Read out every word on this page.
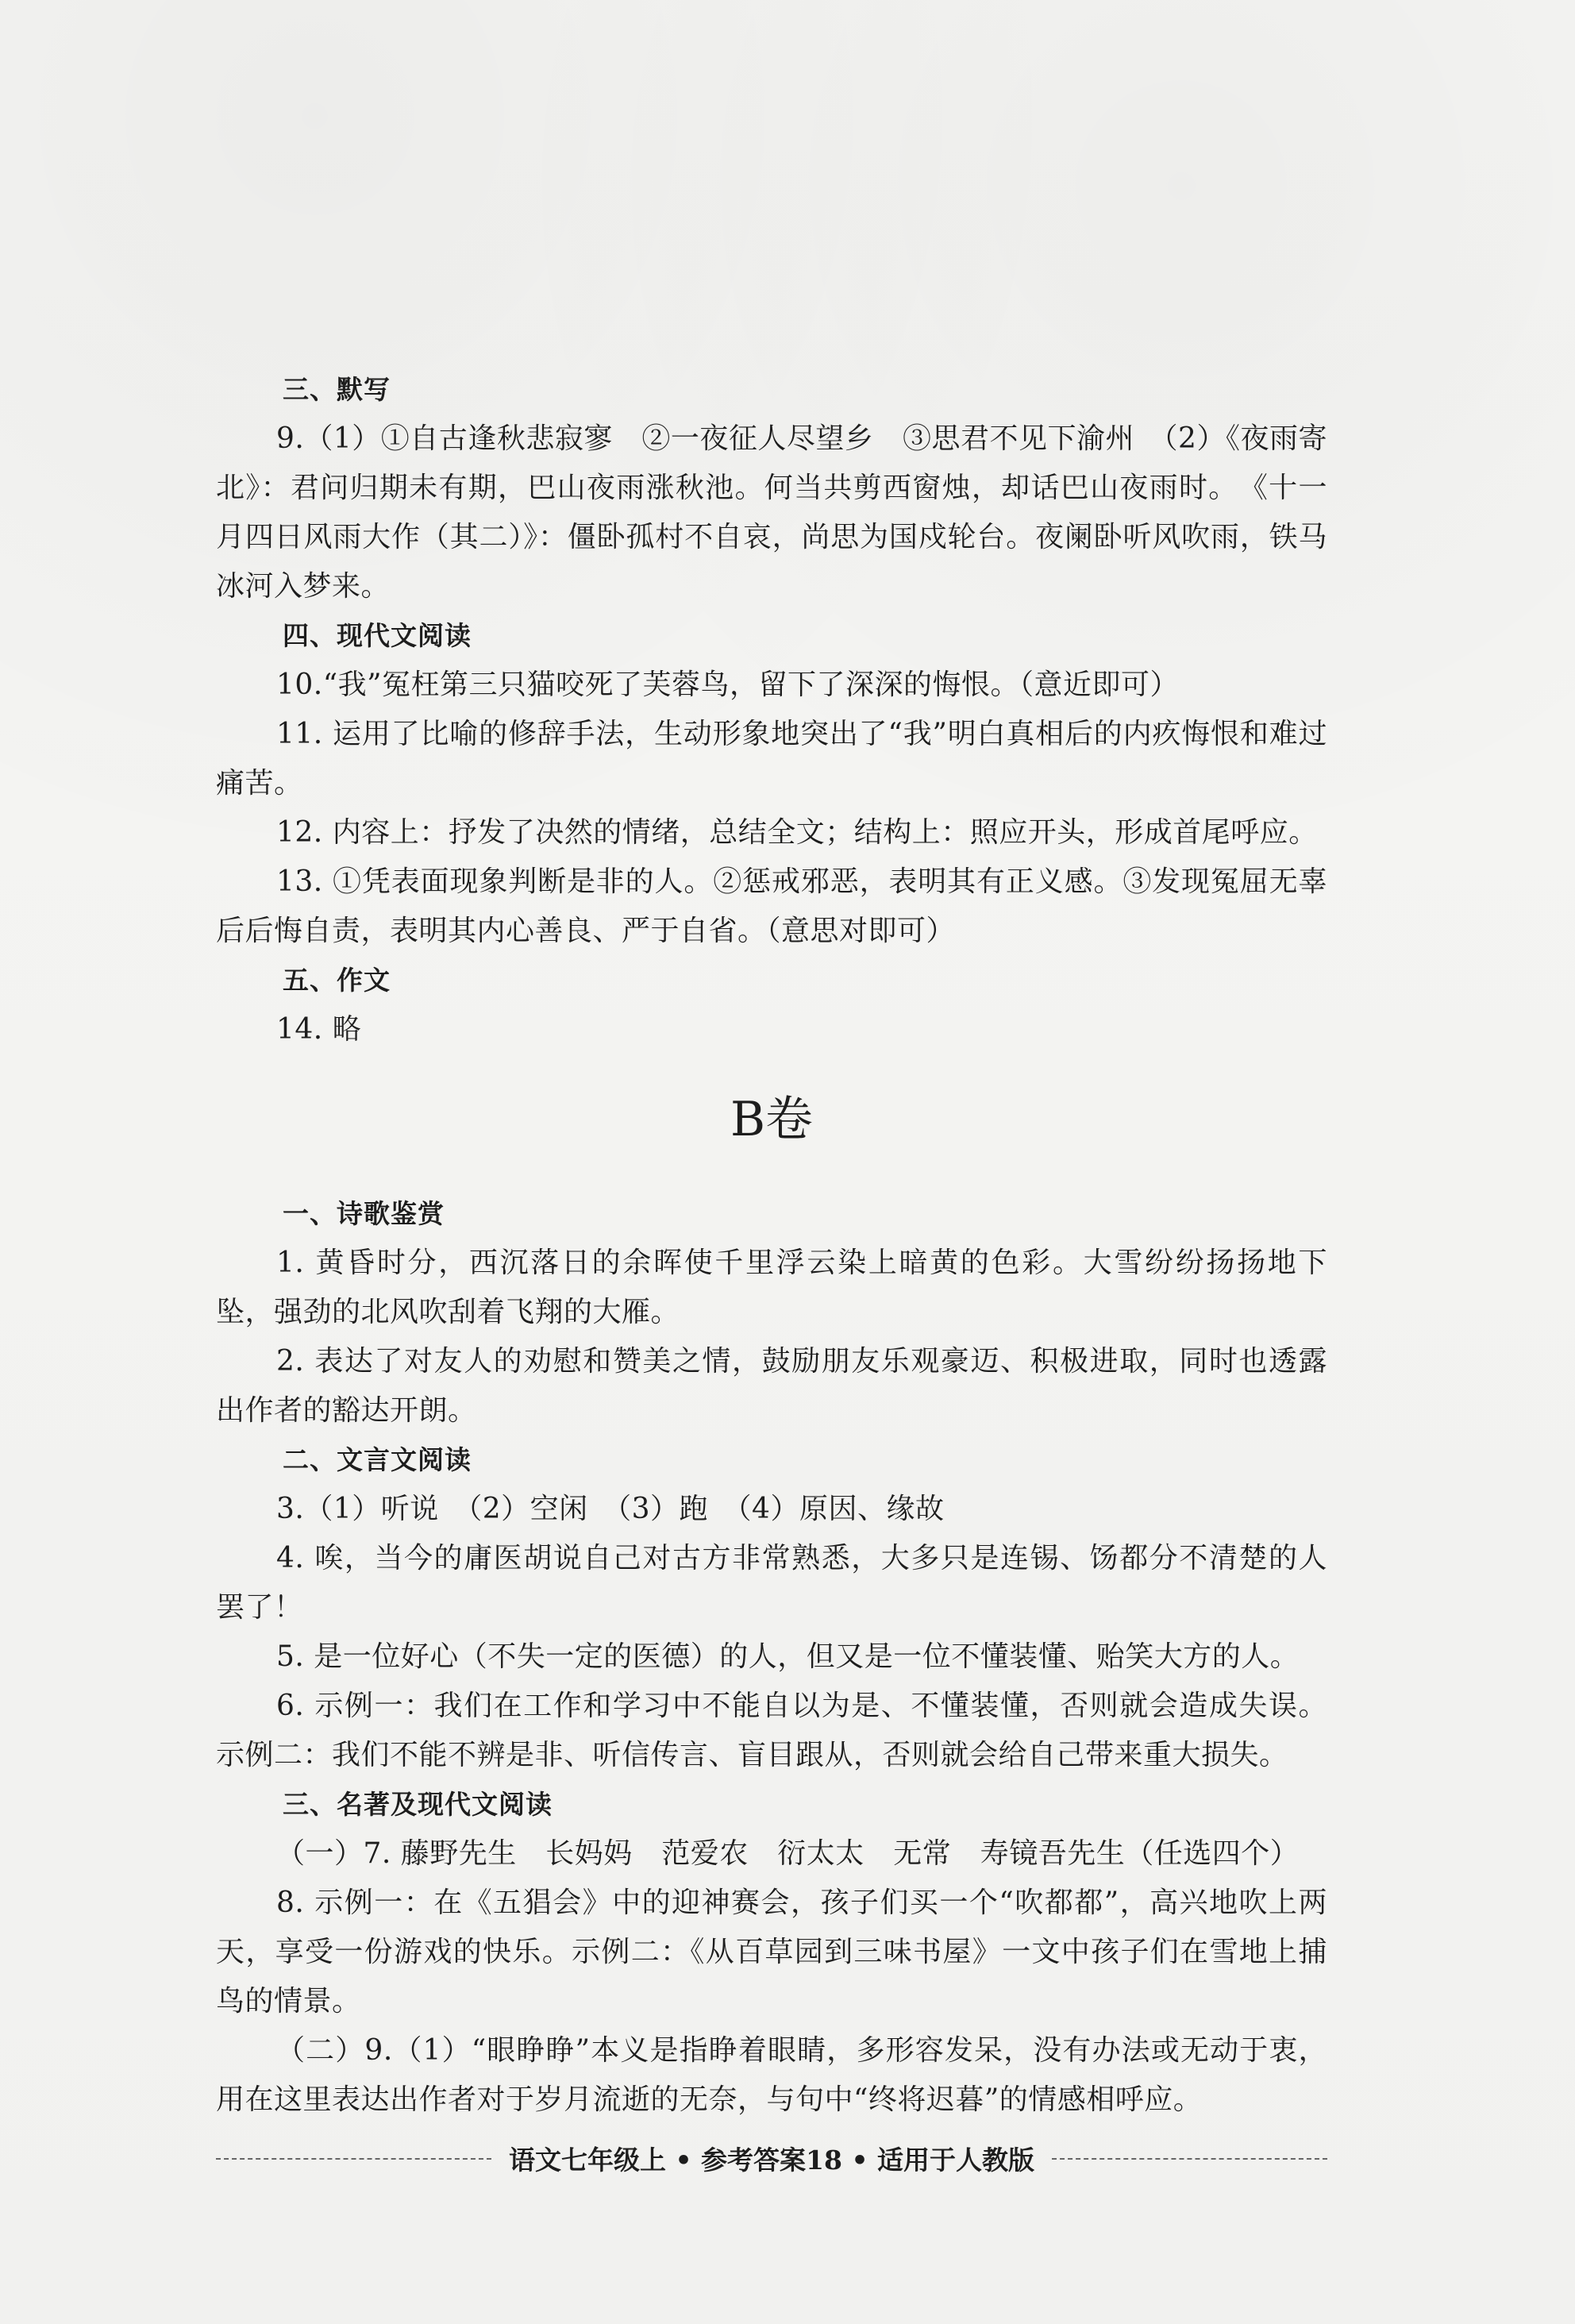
三、默写

9.（1）①自古逢秋悲寂寥　②一夜征人尽望乡　③思君不见下渝州　（2）《夜雨寄北》：君问归期未有期，巴山夜雨涨秋池。何当共剪西窗烛，却话巴山夜雨时。　《十一月四日风雨大作（其二）》：僵卧孤村不自哀，尚思为国戍轮台。夜阑卧听风吹雨，铁马冰河入梦来。

四、现代文阅读

10.“我”冤枉第三只猫咬死了芙蓉鸟，留下了深深的悔恨。（意近即可）

11. 运用了比喻的修辞手法，生动形象地突出了“我”明白真相后的内疚悔恨和难过痛苦。

12. 内容上：抒发了决然的情绪，总结全文；结构上：照应开头，形成首尾呼应。

13. ①凭表面现象判断是非的人。②惩戒邪恶，表明其有正义感。③发现冤屈无辜后后悔自责，表明其内心善良、严于自省。（意思对即可）

五、作文

14. 略

B卷
一、诗歌鉴赏

1. 黄昏时分，西沉落日的余晖使千里浮云染上暗黄的色彩。大雪纷纷扬扬地下坠，强劲的北风吹刮着飞翔的大雁。

2. 表达了对友人的劝慰和赞美之情，鼓励朋友乐观豪迈、积极进取，同时也透露出作者的豁达开朗。

二、文言文阅读

3.（1）听说　（2）空闲　（3）跑　（4）原因、缘故

4. 唉，当今的庸医胡说自己对古方非常熟悉，大多只是连锡、饧都分不清楚的人罢了！

5. 是一位好心（不失一定的医德）的人，但又是一位不懂装懂、贻笑大方的人。

6. 示例一：我们在工作和学习中不能自以为是、不懂装懂，否则就会造成失误。示例二：我们不能不辨是非、听信传言、盲目跟从，否则就会给自己带来重大损失。

三、名著及现代文阅读

（一）7. 藤野先生　长妈妈　范爱农　衍太太　无常　寿镜吾先生（任选四个）

8. 示例一：在《五猖会》中的迎神赛会，孩子们买一个“吹都都”，高兴地吹上两天，享受一份游戏的快乐。示例二：《从百草园到三味书屋》一文中孩子们在雪地上捕鸟的情景。

（二）9.（1）“眼睁睁”本义是指睁着眼睛，多形容发呆，没有办法或无动于衷，用在这里表达出作者对于岁月流逝的无奈，与句中“终将迟暮”的情感相呼应。

语文七年级上 • 参考答案18 • 适用于人教版
